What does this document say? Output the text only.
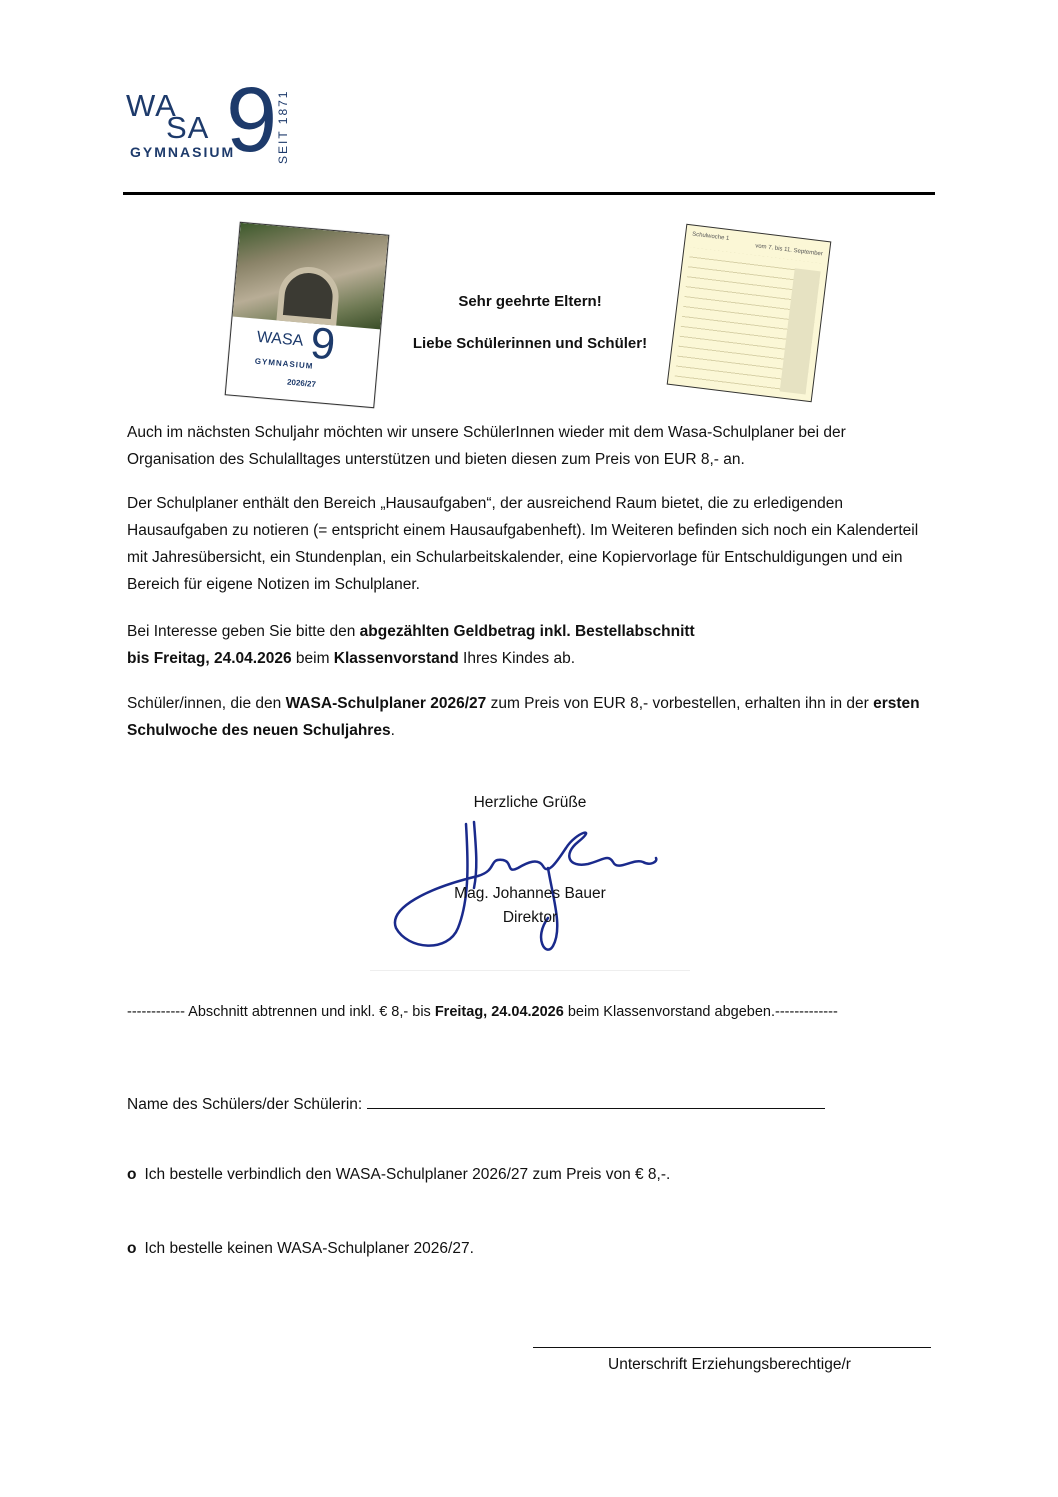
WA
SA 9
GYMNASIUM	SEIT 1871
WASA 9
GYMNASIUM
2026/27
Sehr geehrte Eltern!
Liebe Schülerinnen und Schüler!
Schulwoche 1
vom 7. bis 11. September
Auch im nächsten Schuljahr möchten wir unsere SchülerInnen wieder mit dem Wasa-Schulplaner bei der Organisation des Schulalltages unterstützen und bieten diesen zum Preis von EUR 8,- an.
Der Schulplaner enthält den Bereich „Hausaufgaben“, der ausreichend Raum bietet, die zu erledigenden Hausaufgaben zu notieren (= entspricht einem Hausaufgabenheft). Im Weiteren befinden sich noch ein Kalenderteil mit Jahresübersicht, ein Stundenplan, ein Schularbeitskalender, eine Kopiervorlage für Entschuldigungen und ein Bereich für eigene Notizen im Schulplaner.
Bei Interesse geben Sie bitte den abgezählten Geldbetrag inkl. Bestellabschnitt
bis Freitag, 24.04.2026 beim Klassenvorstand Ihres Kindes ab.
Schüler/innen, die den WASA-Schulplaner 2026/27 zum Preis von EUR 8,- vorbestellen, erhalten ihn in der ersten Schulwoche des neuen Schuljahres.
Herzliche Grüße
Mag. Johannes Bauer
Direktor
------------ Abschnitt abtrennen und inkl. € 8,- bis Freitag, 24.04.2026 beim Klassenvorstand abgeben.-------------
Name des Schülers/der Schülerin:
o Ich bestelle verbindlich den WASA-Schulplaner 2026/27 zum Preis von € 8,-.
o Ich bestelle keinen WASA-Schulplaner 2026/27.
Unterschrift Erziehungsberechtige/r
